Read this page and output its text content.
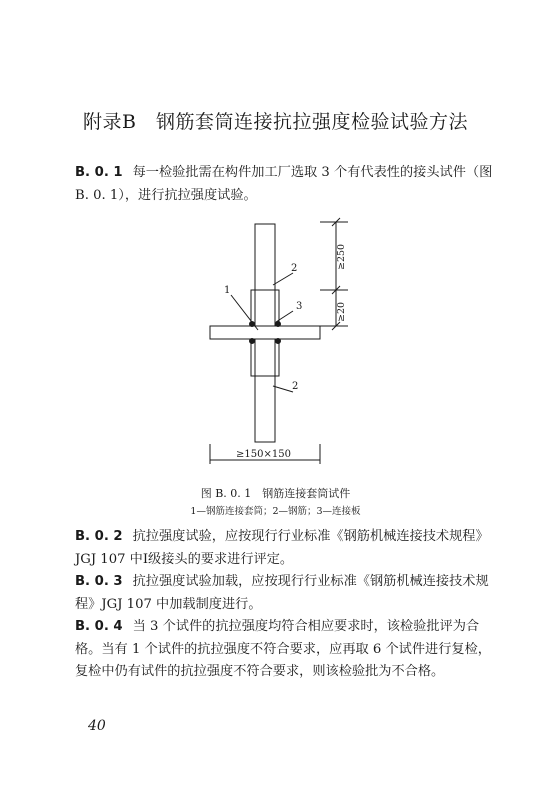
附录B　钢筋套筒连接抗拉强度检验试验方法
B. 0. 1 每一检验批需在构件加工厂选取 3 个有代表性的接头试件（图 B. 0. 1），进行抗拉强度试验。
1
2
3
2
≥250
≥20
≥150×150
图 B. 0. 1　钢筋连接套筒试件
1—钢筋连接套筒；2—钢筋；3—连接板
B. 0. 2 抗拉强度试验，应按现行行业标准《钢筋机械连接技术规程》JGJ 107 中Ⅰ级接头的要求进行评定。
B. 0. 3 抗拉强度试验加载，应按现行行业标准《钢筋机械连接技术规程》JGJ 107 中加载制度进行。
B. 0. 4 当 3 个试件的抗拉强度均符合相应要求时，该检验批评为合格。当有 1 个试件的抗拉强度不符合要求，应再取 6 个试件进行复检，复检中仍有试件的抗拉强度不符合要求，则该检验批为不合格。
40
